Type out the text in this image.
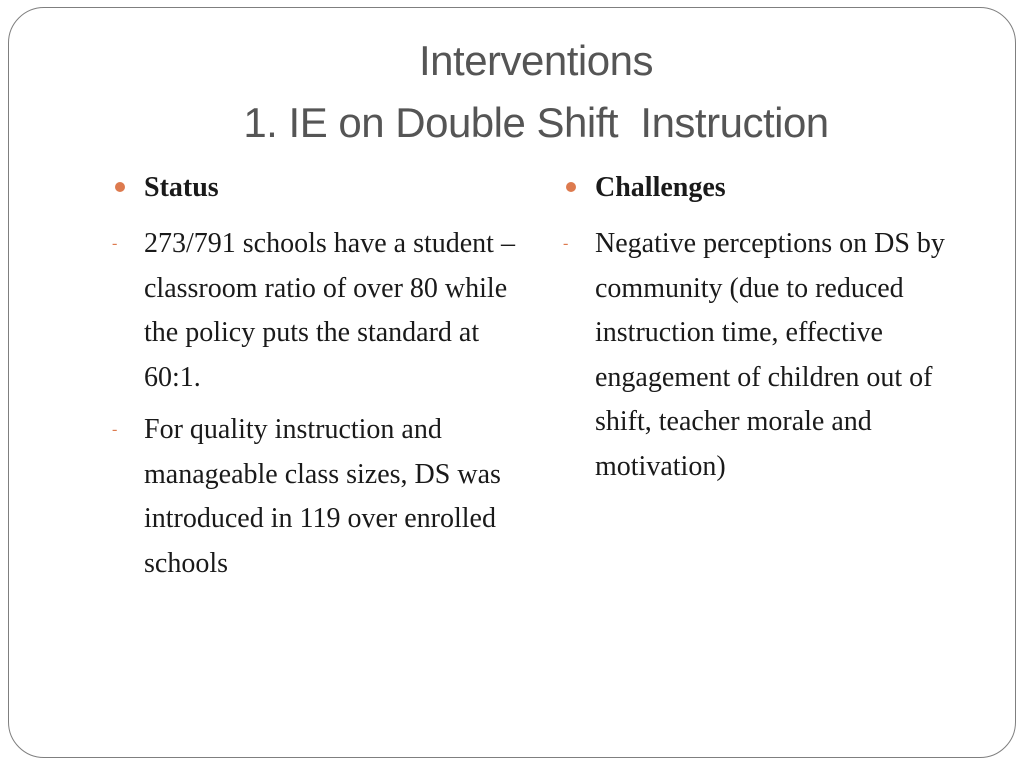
Interventions
1. IE on Double Shift  Instruction
Status
- 273/791 schools have a student –classroom ratio of over 80 while the policy puts the standard at 60:1.
- For quality instruction and manageable class sizes, DS was introduced in 119 over enrolled schools
Challenges
- Negative perceptions on DS by community (due to reduced instruction time, effective engagement of children out of shift, teacher morale and motivation)
